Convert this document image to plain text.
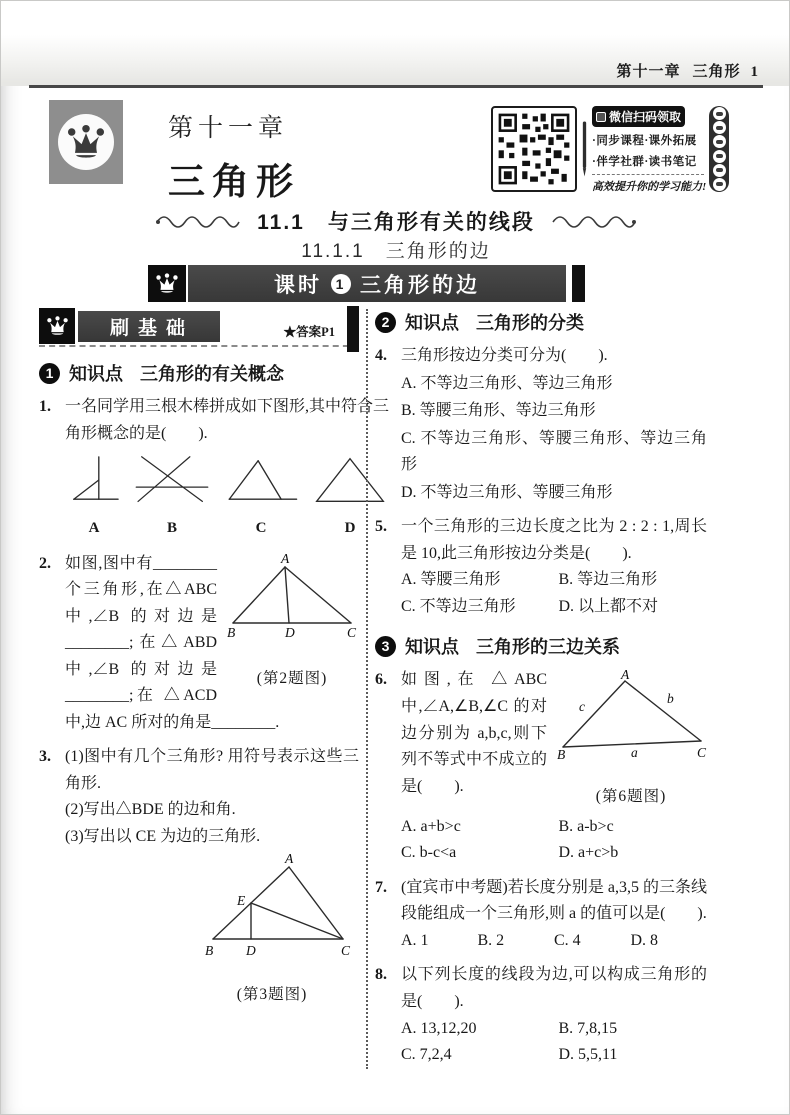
第十一章 三角形 1
第十一章
三角形
微信扫码领取
·同步课程·课外拓展
·伴学社群·读书笔记
高效提升你的学习能力!
11.1　与三角形有关的线段
11.1.1　三角形的边
课时 1 三角形的边
刷基础	★答案P1
1 知识点 三角形的有关概念
1. 一名同学用三根木棒拼成如下图形,其中符合三角形概念的是(　　).
A	B	C	D
2.	A
B	D	C
(第2题图)
如图,图中有________个三角形,在△ABC 中,∠B 的对边是________;在△ABD 中,∠B 的对边是________;在 △ACD 中,边 AC 所对的角是________.
3. (1)图中有几个三角形? 用符号表示这些三角形.
(2)写出△BDE 的边和角.
(3)写出以 CE 为边的三角形.
A
E
B D	C
(第3题图)
2 知识点 三角形的分类
4. 三角形按边分类可分为(　　).
A. 不等边三角形、等边三角形
B. 等腰三角形、等边三角形
C. 不等边三角形、等腰三角形、等边三角形
D. 不等边三角形、等腰三角形
5. 一个三角形的三边长度之比为 2 : 2 : 1,周长是 10,此三角形按边分类是(　　).
A. 等腰三角形	B. 等边三角形
C. 不等边三角形	D. 以上都不对
3 知识点 三角形的三边关系
6.	A
B	C
c
b
a
(第6题图)
如图,在 △ABC 中,∠A,∠B,∠C 的对边分别为 a,b,c,则下列不等式中不成立的是(　　).
A. a+b>c	B. a-b>c
C. b-c<a	D. a+c>b
7. (宜宾市中考题)若长度分别是 a,3,5 的三条线段能组成一个三角形,则 a 的值可以是(　　).
A. 1	B. 2	C. 4	D. 8
8. 以下列长度的线段为边,可以构成三角形的是(　　).
A. 13,12,20	B. 7,8,15
C. 7,2,4	D. 5,5,11
